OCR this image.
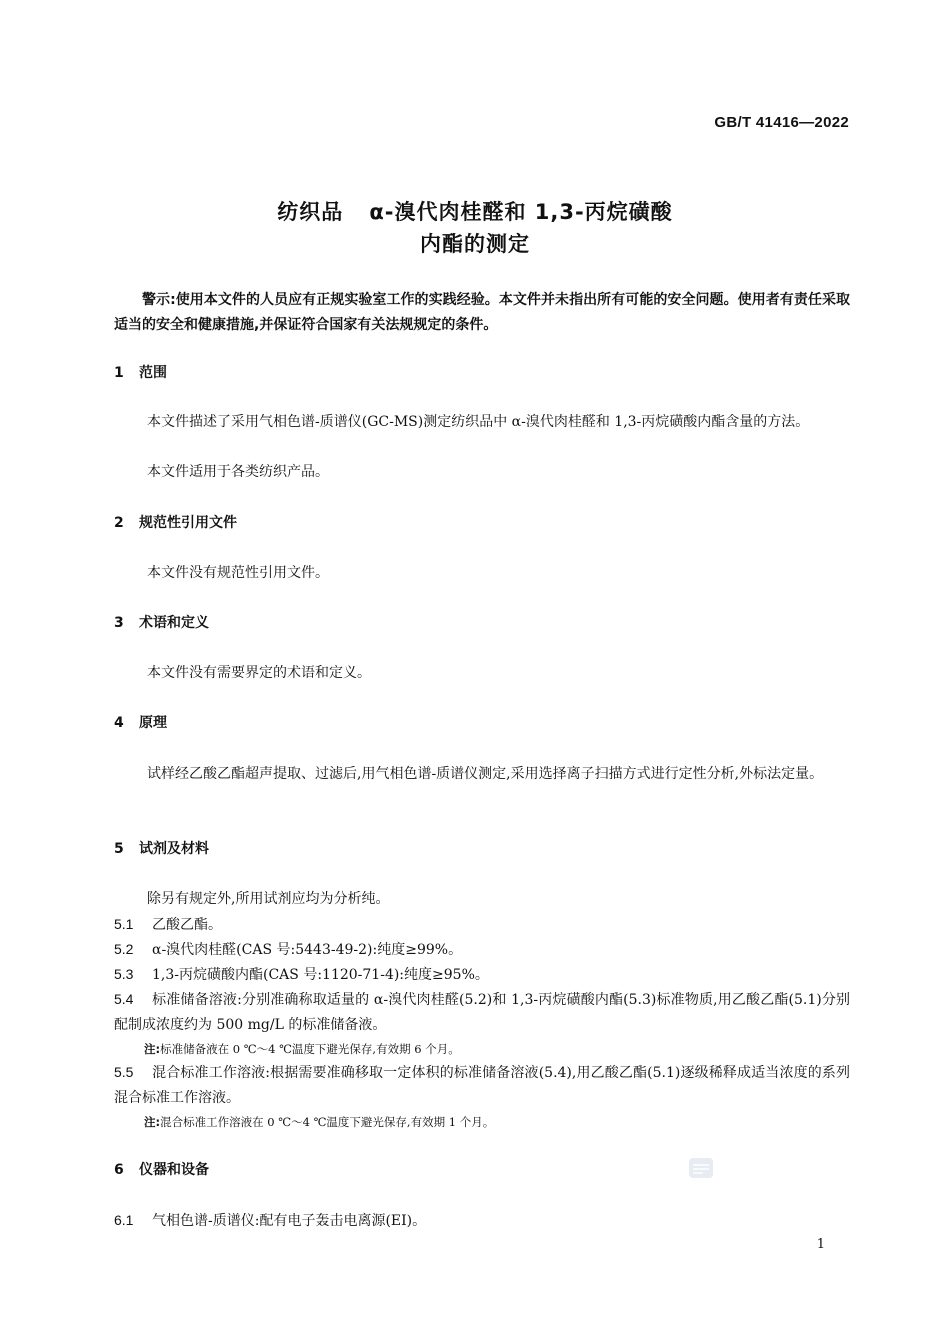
GB/T 41416—2022
纺织品 α-溴代肉桂醛和 1,3-丙烷磺酸
内酯的测定
警示:使用本文件的人员应有正规实验室工作的实践经验。本文件并未指出所有可能的安全问题。使用者有责任采取适当的安全和健康措施,并保证符合国家有关法规规定的条件。
1 范围
本文件描述了采用气相色谱-质谱仪(GC-MS)测定纺织品中 α-溴代肉桂醛和 1,3-丙烷磺酸内酯含量的方法。
本文件适用于各类纺织产品。
2 规范性引用文件
本文件没有规范性引用文件。
3 术语和定义
本文件没有需要界定的术语和定义。
4 原理
试样经乙酸乙酯超声提取、过滤后,用气相色谱-质谱仪测定,采用选择离子扫描方式进行定性分析,外标法定量。
5 试剂及材料
除另有规定外,所用试剂应均为分析纯。
5.1 乙酸乙酯。
5.2 α-溴代肉桂醛(CAS 号:5443-49-2):纯度≥99%。
5.3 1,3-丙烷磺酸内酯(CAS 号:1120-71-4):纯度≥95%。
5.4 标准储备溶液:分别准确称取适量的 α-溴代肉桂醛(5.2)和 1,3-丙烷磺酸内酯(5.3)标准物质,用乙酸乙酯(5.1)分别配制成浓度约为 500 mg/L 的标准储备液。
注:标准储备液在 0 ℃～4 ℃温度下避光保存,有效期 6 个月。
5.5 混合标准工作溶液:根据需要准确移取一定体积的标准储备溶液(5.4),用乙酸乙酯(5.1)逐级稀释成适当浓度的系列混合标准工作溶液。
注:混合标准工作溶液在 0 ℃～4 ℃温度下避光保存,有效期 1 个月。
6 仪器和设备
6.1 气相色谱-质谱仪:配有电子轰击电离源(EI)。
1
